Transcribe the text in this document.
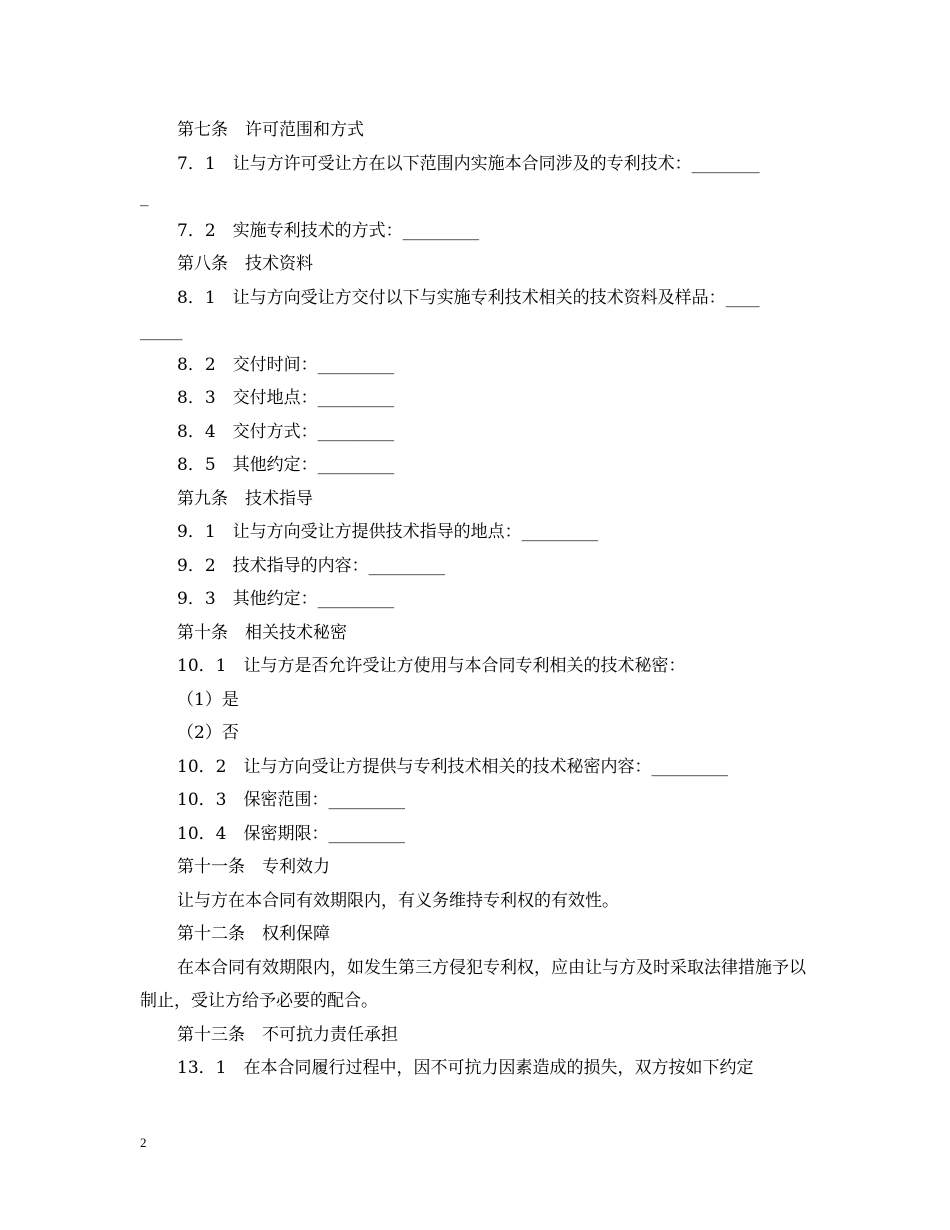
第七条　许可范围和方式
7．1　让与方许可受让方在以下范围内实施本合同涉及的专利技术：________
_
7．2　实施专利技术的方式：_________
第八条　技术资料
8．1　让与方向受让方交付以下与实施专利技术相关的技术资料及样品：____
_____
8．2　交付时间：_________
8．3　交付地点：_________
8．4　交付方式：_________
8．5　其他约定：_________
第九条　技术指导
9．1　让与方向受让方提供技术指导的地点：_________
9．2　技术指导的内容：_________
9．3　其他约定：_________
第十条　相关技术秘密
10．1　让与方是否允许受让方使用与本合同专利相关的技术秘密：
（1）是
（2）否
10．2　让与方向受让方提供与专利技术相关的技术秘密内容：_________
10．3　保密范围：_________
10．4　保密期限：_________
第十一条　专利效力
让与方在本合同有效期限内，有义务维持专利权的有效性。
第十二条　权利保障
在本合同有效期限内，如发生第三方侵犯专利权，应由让与方及时采取法律措施予以制止，受让方给予必要的配合。
第十三条　不可抗力责任承担
13．1　在本合同履行过程中，因不可抗力因素造成的损失，双方按如下约定
2
